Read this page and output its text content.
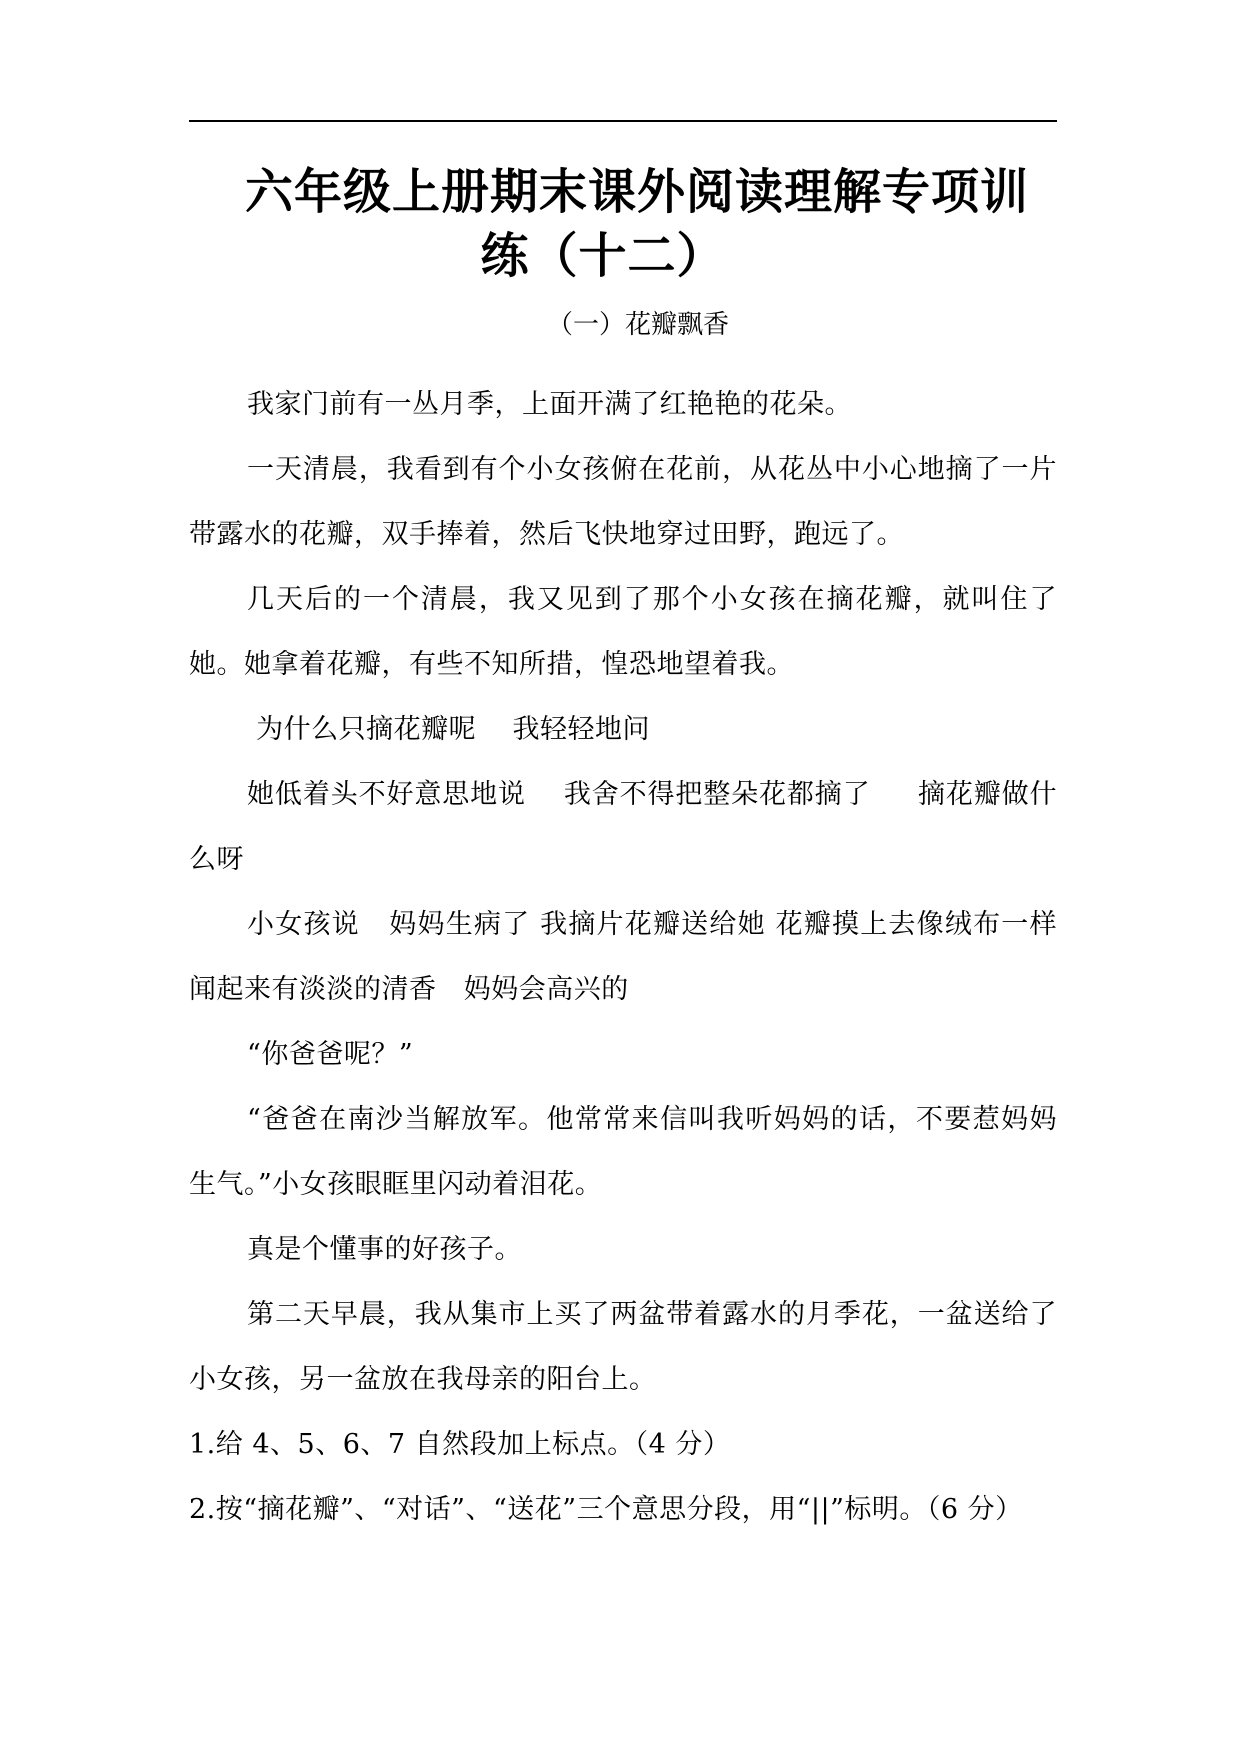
六年级上册期末课外阅读理解专项训
练（十二）
（一）花瓣飘香

我家门前有一丛月季，上面开满了红艳艳的花朵。

一天清晨，我看到有个小女孩俯在花前，从花丛中小心地摘了一片带露水的花瓣，双手捧着，然后飞快地穿过田野，跑远了。

几天后的一个清晨，我又见到了那个小女孩在摘花瓣，就叫住了她。她拿着花瓣，有些不知所措，惶恐地望着我。

为什么只摘花瓣呢    我轻轻地问

她低着头不好意思地说    我舍不得把整朵花都摘了     摘花瓣做什么呀

小女孩说   妈妈生病了 我摘片花瓣送给她 花瓣摸上去像绒布一样     闻起来有淡淡的清香   妈妈会高兴的

“你爸爸呢？”

“爸爸在南沙当解放军。他常常来信叫我听妈妈的话，不要惹妈妈生气。”小女孩眼眶里闪动着泪花。

真是个懂事的好孩子。

第二天早晨，我从集市上买了两盆带着露水的月季花，一盆送给了小女孩，另一盆放在我母亲的阳台上。

1.给 4、5、6、7 自然段加上标点。（4 分）

2.按“摘花瓣”、“对话”、“送花”三个意思分段，用“||”标明。（6 分）
